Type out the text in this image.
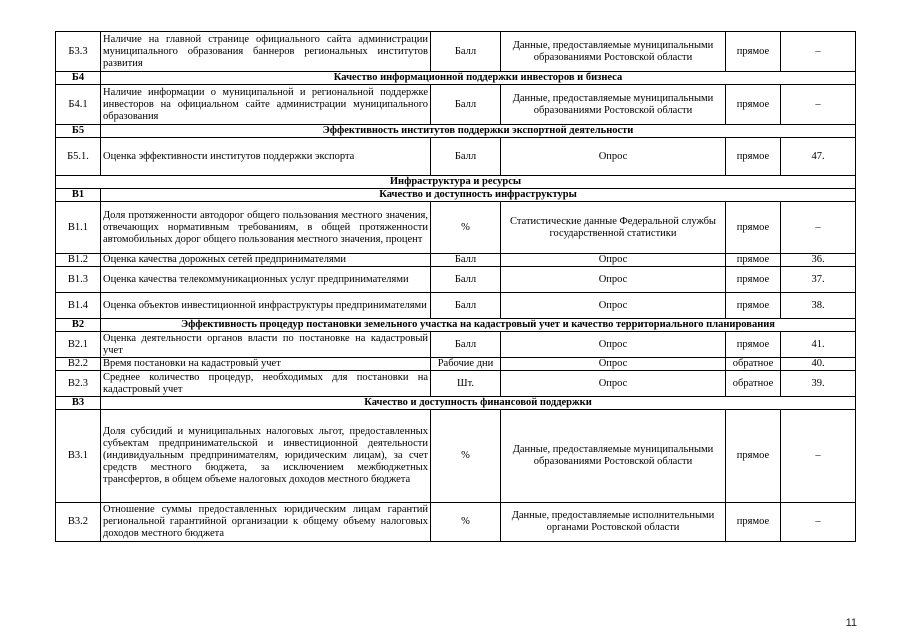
Б3.3	Наличие на главной странице официального сайта администрации муниципального образования баннеров региональных институтов развития	Балл	Данные, предоставляемые муниципальными образованиями Ростовской области	прямое	–
Б4	Качество информационной поддержки инвесторов и бизнеса				
Б4.1	Наличие информации о муниципальной и региональной поддержке инвесторов на официальном сайте администрации муниципального образования	Балл	Данные, предоставляемые муниципальными образованиями Ростовской области	прямое	–
Б5	Эффективность институтов поддержки экспортной деятельности				
Б5.1.	Оценка эффективности институтов поддержки экспорта	Балл	Опрос	прямое	47.
Инфраструктура и ресурсы					
В1	Качество и доступность инфраструктуры				
В1.1	Доля протяженности автодорог общего пользования местного значения, отвечающих нормативным требованиям, в общей протяженности автомобильных дорог общего пользования местного значения, процент	%	Статистические данные Федеральной службы государственной статистики	прямое	–
В1.2	Оценка качества дорожных сетей предпринимателями	Балл	Опрос	прямое	36.
В1.3	Оценка качества телекоммуникационных услуг предпринимателями	Балл	Опрос	прямое	37.
В1.4	Оценка объектов инвестиционной инфраструктуры предпринимателями	Балл	Опрос	прямое	38.
В2	Эффективность процедур постановки земельного участка на кадастровый учет и качество территориального планирования				
В2.1	Оценка деятельности органов власти по постановке на кадастровый учет	Балл	Опрос	прямое	41.
В2.2	Время постановки на кадастровый учет	Рабочие дни	Опрос	обратное	40.
В2.3	Среднее количество процедур, необходимых для постановки на кадастровый учет	Шт.	Опрос	обратное	39.
В3	Качество и доступность финансовой поддержки				
В3.1	Доля субсидий и муниципальных налоговых льгот, предоставленных субъектам предпринимательской и инвестиционной деятельности (индивидуальным предпринимателям, юридическим лицам), за счет средств местного бюджета, за исключением межбюджетных трансфертов, в общем объеме налоговых доходов местного бюджета	%	Данные, предоставляемые муниципальными образованиями Ростовской области	прямое	–
В3.2	Отношение суммы предоставленных юридическим лицам гарантий региональной гарантийной организации к общему объему налоговых доходов местного бюджета	%	Данные, предоставляемые исполнительными органами Ростовской области	прямое	–
11
